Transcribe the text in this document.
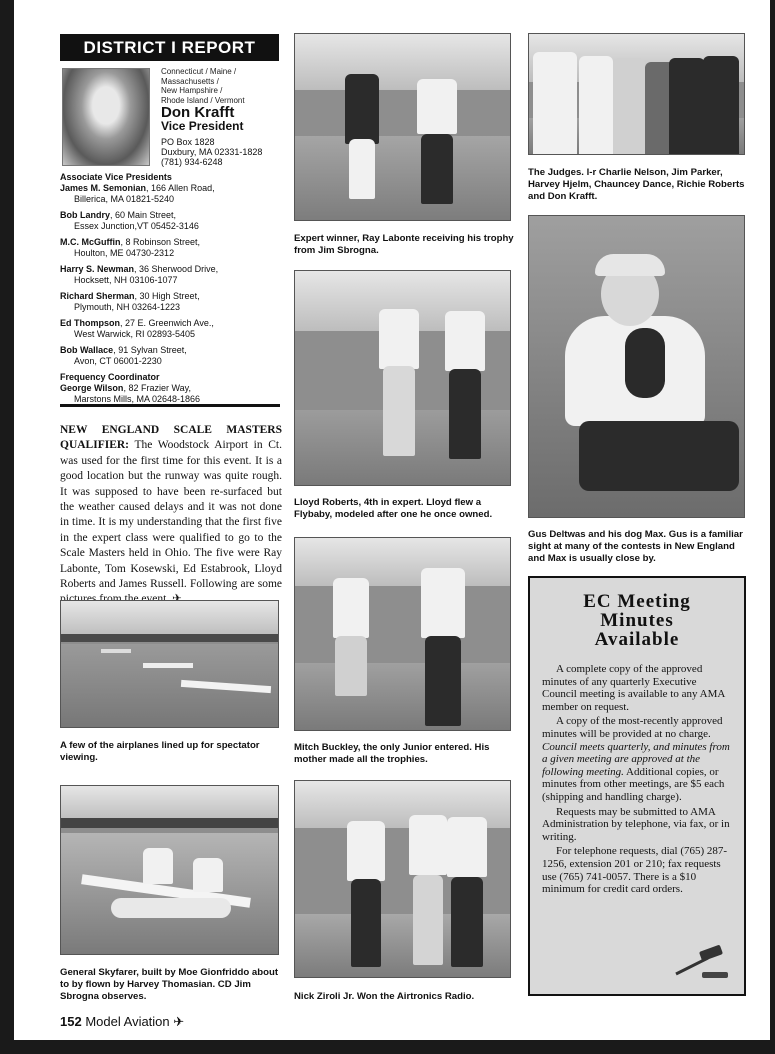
DISTRICT I REPORT
Connecticut / Maine /
Massachusetts /
New Hampshire /
Rhode Island / Vermont
Don Krafft
Vice President
PO Box 1828
Duxbury, MA 02331-1828
(781) 934-6248
Associate Vice Presidents
James M. Semonian, 166 Allen Road,
Billerica, MA 01821-5240
Bob Landry, 60 Main Street,
Essex Junction,VT 05452-3146
M.C. McGuffin, 8 Robinson Street,
Houlton, ME 04730-2312
Harry S. Newman, 36 Sherwood Drive,
Hocksett, NH 03106-1077
Richard Sherman, 30 High Street,
Plymouth, NH 03264-1223
Ed Thompson, 27 E. Greenwich Ave.,
West Warwick, RI 02893-5405
Bob Wallace, 91 Sylvan Street,
Avon, CT 06001-2230
Frequency Coordinator
George Wilson, 82 Frazier Way,
Marstons Mills, MA 02648-1866
NEW ENGLAND SCALE MASTERS QUALIFIER: The Woodstock Airport in Ct. was used for the first time for this event. It is a good location but the runway was quite rough. It was supposed to have been re-surfaced but the weather caused delays and it was not done in time. It is my understanding that the first five in the expert class were qualified to go to the Scale Masters held in Ohio. The five were Ray Labonte, Tom Kosewski, Ed Estabrook, Lloyd Roberts and James Russell. Following are some
A few of the airplanes lined up for spectator viewing.
General Skyfarer, built by Moe Gionfriddo about to by flown by Harvey Thomasian. CD Jim Sbrogna observes.
Expert winner, Ray Labonte receiving his trophy from Jim Sbrogna.
Lloyd Roberts, 4th in expert. Lloyd flew a Flybaby, modeled after one he once owned.
Mitch Buckley, the only Junior entered. His mother made all the trophies.
Nick Ziroli Jr. Won the Airtronics Radio.
The Judges. l-r Charlie Nelson, Jim Parker, Harvey Hjelm, Chauncey Dance, Richie Roberts and Don Krafft.
Gus Deltwas and his dog Max. Gus is a familiar sight at many of the contests in New England and Max is usually close by.
EC Meeting
Minutes
Available

A complete copy of the approved minutes of any quarterly Executive Council meeting is available to any AMA member on request.

A copy of the most-recently approved minutes will be provided at no charge. Council meets quarterly, and minutes from a given meeting are approved at the following meeting. Additional copies, or minutes from other meetings, are $5 each (shipping and handling charge).

Requests may be submitted to AMA Administration by telephone, via fax, or in writing.

For telephone requests, dial (765) 287-1256, extension 201 or 210; fax requests use (765) 741-0057. There is a $10 minimum for credit card orders.

152 Model Aviation ✈
